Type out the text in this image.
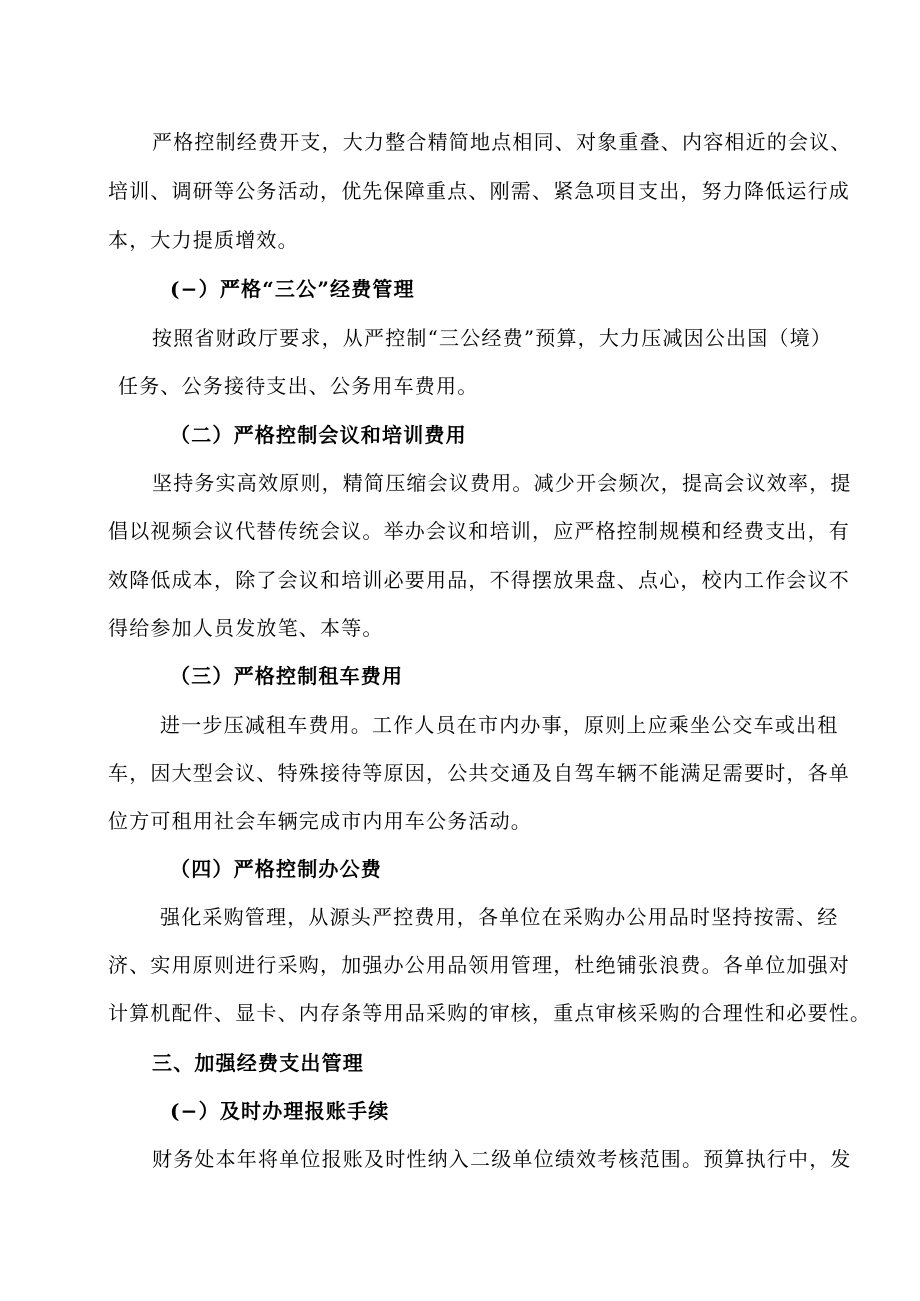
严格控制经费开支，大力整合精简地点相同、对象重叠、内容相近的会议、
培训、调研等公务活动，优先保障重点、刚需、紧急项目支出，努力降低运行成
本，大力提质增效。
(−）严格“三公”经费管理
按照省财政厅要求，从严控制“三公经费”预算，大力压减因公出国（境）
任务、公务接待支出、公务用车费用。
（二）严格控制会议和培训费用
坚持务实高效原则，精简压缩会议费用。减少开会频次，提高会议效率，提
倡以视频会议代替传统会议。举办会议和培训，应严格控制规模和经费支出，有
效降低成本，除了会议和培训必要用品，不得摆放果盘、点心，校内工作会议不
得给参加人员发放笔、本等。
（三）严格控制租车费用
进一步压减租车费用。工作人员在市内办事，原则上应乘坐公交车或出租
车，因大型会议、特殊接待等原因，公共交通及自驾车辆不能满足需要时，各单
位方可租用社会车辆完成市内用车公务活动。
（四）严格控制办公费
强化采购管理，从源头严控费用，各单位在采购办公用品时坚持按需、经
济、实用原则进行采购，加强办公用品领用管理，杜绝铺张浪费。各单位加强对
计算机配件、显卡、内存条等用品采购的审核，重点审核采购的合理性和必要性。
三、加强经费支出管理
(−）及时办理报账手续
财务处本年将单位报账及时性纳入二级单位绩效考核范围。预算执行中，发
